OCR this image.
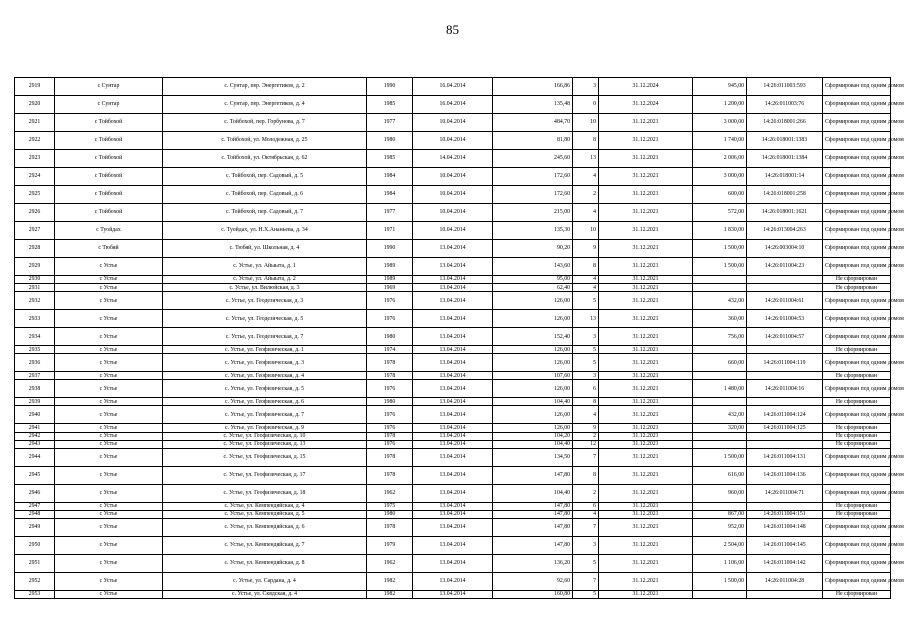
85
2919	с Сунтар	с. Сунтар, пер. Энергетиков, д. 2	1990	16.04.2014	166,86	3	31.12.2024	945,00	14:26:011003:593	Сформирован под одним домом
2920	с Сунтар	с. Сунтар, пер. Энергетиков, д. 4	1985	16.04.2014	135,48	0	31.12.2024	1 200,00	14:26:011003:76	Сформирован под одним домом
2921	с Тойбохой	с. Тойбохой, пер. Горбунова, д. 7	1977	10.04.2014	484,70	10	31.12.2021	3 000,00	14:26:018001:266	Сформирован под одним домом
2922	с Тойбохой	с. Тойбохой, ул. Молодежная, д. 25	1980	10.04.2014	81,80	8	31.12.2021	1 740,00	14:26:018001:1383	Сформирован под одним домом
2923	с Тойбохой	с. Тойбохой, ул. Октябрьская, д. 62	1985	14.04.2014	245,60	13	31.12.2021	2 006,00	14:26:018001:1384	Сформирован под одним домом
2924	с Тойбохой	с. Тойбохой, пер. Садовый, д. 5	1984	10.04.2014	172,60	4	31.12.2021	3 000,00	14:26:018001:14	Сформирован под одним домом
2925	с Тойбохой	с. Тойбохой, пер. Садовый, д. 6	1984	10.04.2014	172,60	2	31.12.2021	600,00	14:26:018001:258	Сформирован под одним домом
2926	с Тойбохой	с. Тойбохой, пер. Садовый, д. 7	1977	10.04.2014	215,00	4	31.12.2021	572,00	14:26:018001:1621	Сформирован под одним домом
2927	с Туойдах	с. Туойдах, ул. Н.Х.Ананьева, д. 34	1971	10.04.2014	135,30	10	31.12.2021	1 830,00	14:26:013004:263	Сформирован под одним домом
2928	с Тюбяй	с. Тюбяй, ул. Школьная, д. 4	1990	13.04.2014	90,20	9	31.12.2021	1 500,00	14:26:003004:10	Сформирован под одним домом
2929	с Устье	с. Устье, ул. Айыыта, д. 1	1989	13.04.2014	143,60	8	31.12.2021	1 500,00	14:26:011004:23	Сформирован под одним домом
2930	с Устье	с. Устье, ул. Айыыта, д. 2	1989	13.04.2014	95,00	4	31.12.2021			Не сформирован
2931	с Устье	с. Устье, ул. Вилюйская, д. 3	1969	13.04.2014	62,40	4	31.12.2021			Не сформирован
2932	с Устье	с. Устье, ул. Геодезическая, д. 3	1976	13.04.2014	126,00	5	31.12.2021	432,00	14:26:011004:61	Сформирован под одним домом
2933	с Устье	с. Устье, ул. Геодезическая, д. 5	1976	13.04.2014	126,00	13	31.12.2021	360,00	14:26:011004:53	Сформирован под одним домом
2934	с Устье	с. Устье, ул. Геодезическая, д. 7	1980	13.04.2014	152,40	3	31.12.2021	756,00	14:26:011004:57	Сформирован под одним домом
2935	с Устье	с. Устье, ул. Геофизическая, д. 1	1974	13.04.2014	126,00	5	31.12.2021			Не сформирован
2936	с Устье	с. Устье, ул. Геофизическая, д. 3	1978	13.04.2014	126,00	5	31.12.2021	660,00	14:26:011004:119	Сформирован под одним домом
2937	с Устье	с. Устье, ул. Геофизическая, д. 4	1978	13.04.2014	107,60	3	31.12.2021			Не сформирован
2938	с Устье	с. Устье, ул. Геофизическая, д. 5	1976	13.04.2014	126,00	6	31.12.2021	1 480,00	14:26:011004:16	Сформирован под одним домом
2939	с Устье	с. Устье, ул. Геофизическая, д. 6	1980	13.04.2014	104,40	8	31.12.2021			Не сформирован
2940	с Устье	с. Устье, ул. Геофизическая, д. 7	1976	13.04.2014	126,00	4	31.12.2021	432,00	14:26:011004:124	Сформирован под одним домом
2941	с Устье	с. Устье, ул. Геофизическая, д. 9	1976	13.04.2014	126,00	9	31.12.2021	320,00	14:26:011004:125	Не сформирован
2942	с Устье	с. Устье, ул. Геофизическая, д. 10	1978	13.04.2014	104,20	2	31.12.2021			Не сформирован
2943	с Устье	с. Устье, ул. Геофизическая, д. 13	1976	13.04.2014	104,40	12	31.12.2021			Не сформирован
2944	с Устье	с. Устье, ул. Геофизическая, д. 15	1978	13.04.2014	134,50	7	31.12.2021	1 500,00	14:26:011004:131	Сформирован под одним домом
2945	с Устье	с. Устье, ул. Геофизическая, д. 17	1978	13.04.2014	147,80	8	31.12.2021	616,00	14:26:011004:136	Сформирован под одним домом
2946	с Устье	с. Устье, ул. Геофизическая, д. 18	1962	13.04.2014	104,40	2	31.12.2021	960,00	14:26:011004:71	Сформирован под одним домом
2947	с Устье	с. Устье, ул. Кемпендяйская, д. 4	1975	13.04.2014	147,80	6	31.12.2021			Не сформирован
2948	с Устье	с. Устье, ул. Кемпендяйская, д. 5	1980	13.04.2014	147,80	4	31.12.2021	867,00	14:26:011004:151	Не сформирован
2949	с Устье	с. Устье, ул. Кемпендяйская, д. 6	1978	13.04.2014	147,80	7	31.12.2021	952,00	14:26:011004:148	Сформирован под одним домом
2950	с Устье	с. Устье, ул. Кемпендяйская, д. 7	1979	13.04.2014	147,80	3	31.12.2021	2 504,00	14:26:011004:145	Сформирован под одним домом
2951	с Устье	с. Устье, ул. Кемпендяйская, д. 8	1962	13.04.2014	136,20	5	31.12.2021	1 106,00	14:26:011004:142	Сформирован под одним домом
2952	с Устье	с. Устье, ул. Сардана, д. 4	1982	13.04.2014	92,60	7	31.12.2021	1 500,00	14:26:011004:28	Сформирован под одним домом
2953	с Устье	с. Устье, ул. Сквдская, д. 4	1982	13.04.2014	160,80	5	31.12.2021			Не сформирован
